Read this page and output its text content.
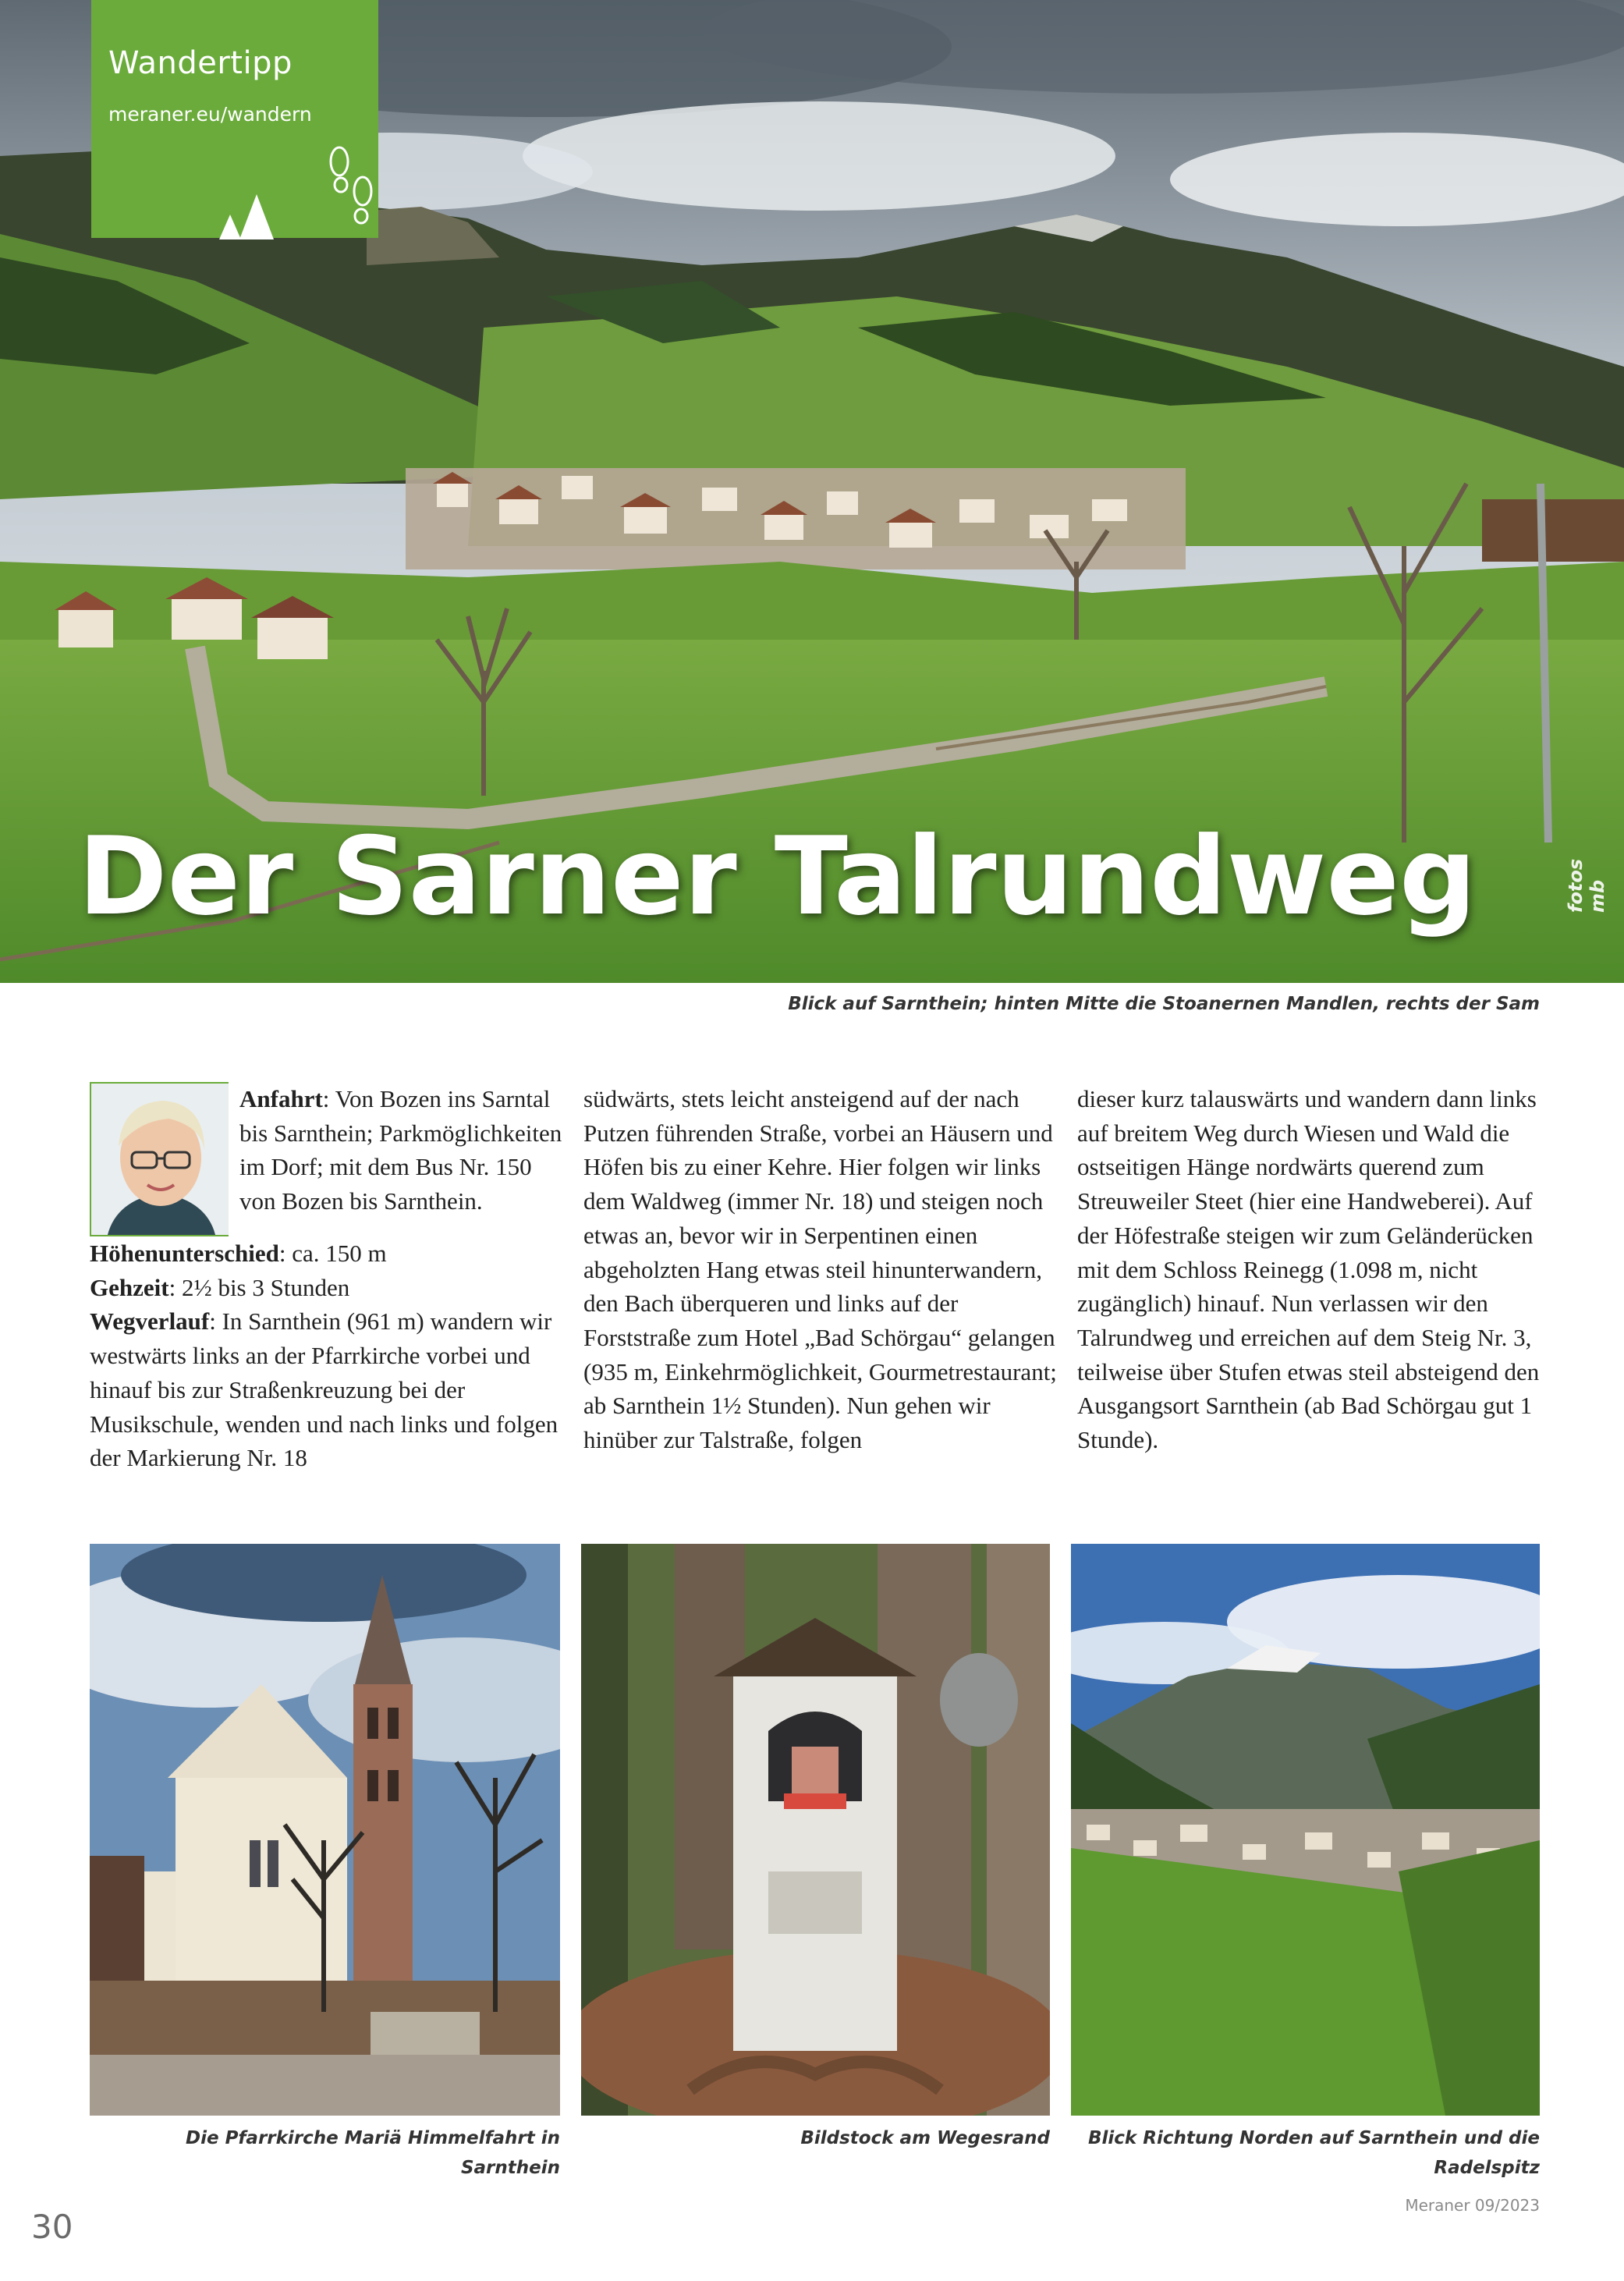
Wandertipp
meraner.eu/wandern
Der Sarner Talrundweg	fotos mb
Blick auf Sarnthein; hinten Mitte die Stoanernen Mandlen, rechts der Sam

Anfahrt: Von Bozen ins Sarntal bis Sarnthein; Parkmöglichkeiten im Dorf; mit dem Bus Nr. 150 von Bozen bis Sarnthein.

Höhenunterschied: ca. 150 m

Gehzeit: 2½ bis 3 Stunden

Wegverlauf: In Sarnthein (961 m) wandern wir westwärts links an der Pfarrkirche vorbei und hinauf bis zur Straßenkreuzung bei der Musikschule, wenden und nach links und folgen der Markierung Nr. 18

südwärts, stets leicht ansteigend auf der nach Putzen führenden Straße, vorbei an Häusern und Höfen bis zu einer Kehre. Hier folgen wir links dem Waldweg (immer Nr. 18) und steigen noch etwas an, bevor wir in Serpentinen einen abgeholzten Hang etwas steil hinunterwandern, den Bach überqueren und links auf der Forststraße zum Hotel „Bad Schörgau“ gelangen (935 m, Einkehrmöglichkeit, Gourmetrestaurant; ab Sarnthein 1½ Stunden). Nun gehen wir hinüber zur Talstraße, folgen

dieser kurz talauswärts und wandern dann links auf breitem Weg durch Wiesen und Wald die ostseitigen Hänge nordwärts querend zum Streuweiler Steet (hier eine Handweberei). Auf der Höfestraße steigen wir zum Geländerücken mit dem Schloss Reinegg (1.098 m, nicht zugänglich) hinauf. Nun verlassen wir den Talrundweg und erreichen auf dem Steig Nr. 3, teilweise über Stufen etwas steil absteigend den Ausgangsort Sarnthein (ab Bad Schörgau gut 1 Stunde).

Die Pfarrkirche Mariä Himmelfahrt in Sarnthein
Bildstock am Wegesrand	Blick Richtung Norden auf Sarnthein und die Radelspitz
30
Meraner 09/2023
